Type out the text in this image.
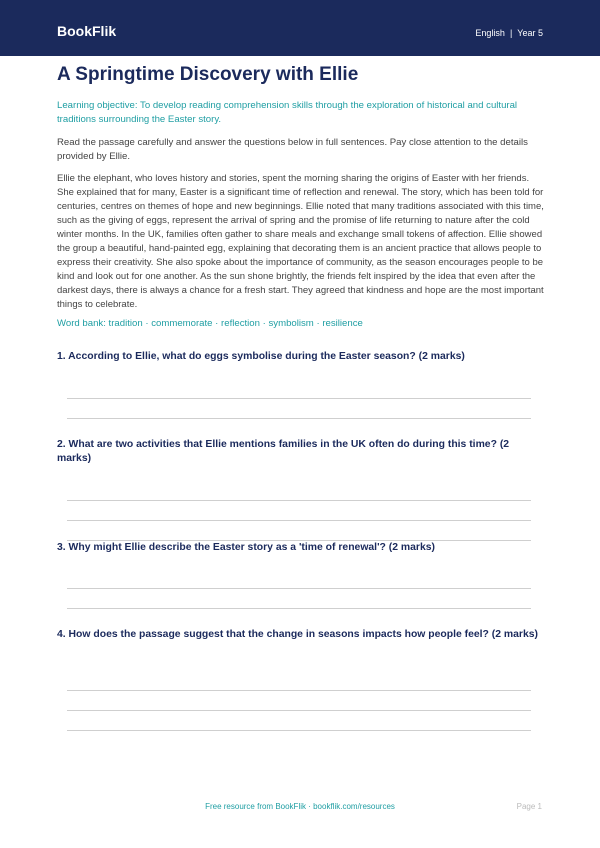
BookFlik	English | Year 5
A Springtime Discovery with Ellie
Learning objective: To develop reading comprehension skills through the exploration of historical and cultural traditions surrounding the Easter story.
Read the passage carefully and answer the questions below in full sentences. Pay close attention to the details provided by Ellie.
Ellie the elephant, who loves history and stories, spent the morning sharing the origins of Easter with her friends. She explained that for many, Easter is a significant time of reflection and renewal. The story, which has been told for centuries, centres on themes of hope and new beginnings. Ellie noted that many traditions associated with this time, such as the giving of eggs, represent the arrival of spring and the promise of life returning to nature after the cold winter months. In the UK, families often gather to share meals and exchange small tokens of affection. Ellie showed the group a beautiful, hand-painted egg, explaining that decorating them is an ancient practice that allows people to express their creativity. She also spoke about the importance of community, as the season encourages people to be kind and look out for one another. As the sun shone brightly, the friends felt inspired by the idea that even after the darkest days, there is always a chance for a fresh start. They agreed that kindness and hope are the most important things to celebrate.
Word bank: tradition · commemorate · reflection · symbolism · resilience
1. According to Ellie, what do eggs symbolise during the Easter season? (2 marks)
2. What are two activities that Ellie mentions families in the UK often do during this time? (2 marks)
3. Why might Ellie describe the Easter story as a 'time of renewal'? (2 marks)
4. How does the passage suggest that the change in seasons impacts how people feel? (2 marks)
Free resource from BookFlik · bookflik.com/resources	Page 1
